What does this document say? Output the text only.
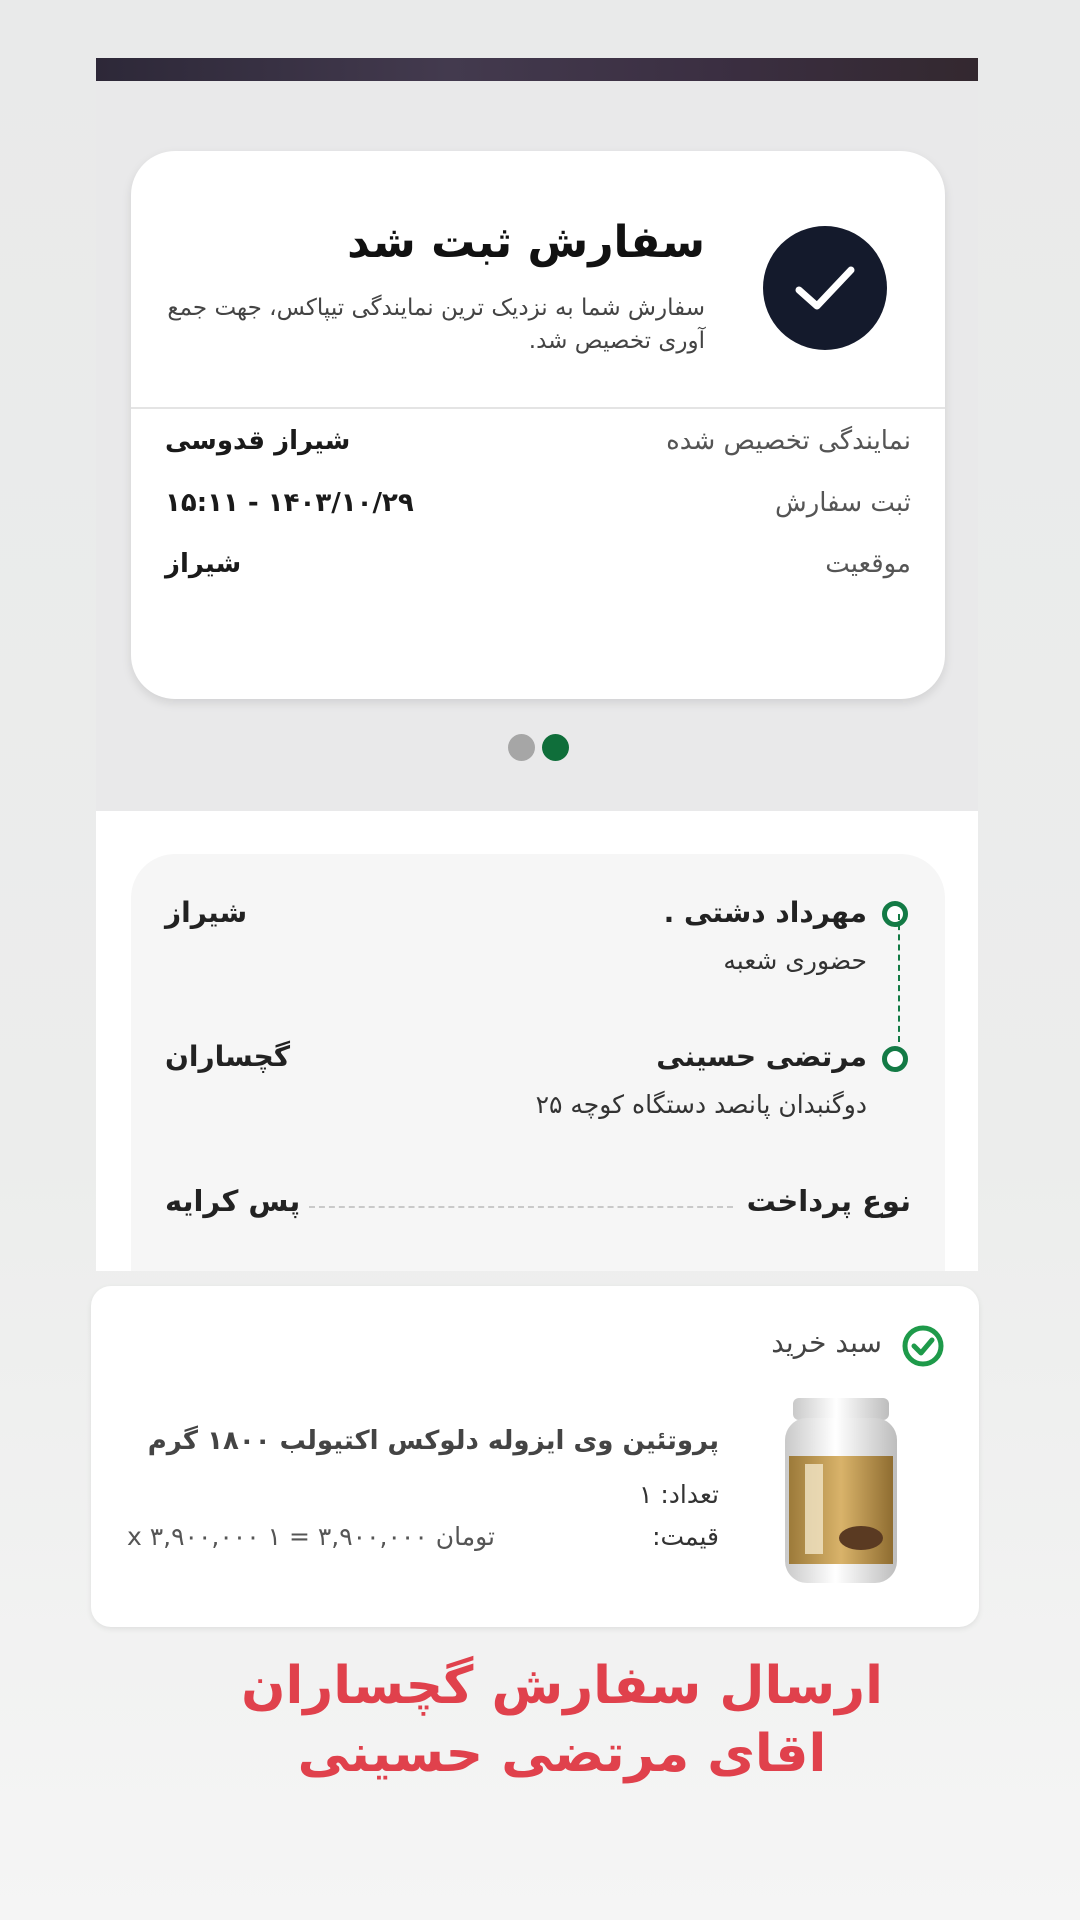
سفارش ثبت شد
سفارش شما به نزدیک ترین نمایندگی تیپاکس، جهت جمع آوری تخصیص شد.
نمایندگی تخصیص شده
شیراز قدوسی
ثبت سفارش
۱۴۰۳/۱۰/۲۹ - ۱۵:۱۱
موقعیت
شیراز
مهرداد دشتی .
حضوری شعبه
شیراز
مرتضی حسینی
دوگنبدان پانصد دستگاه کوچه ۲۵
گچساران
نوع پرداخت
پس کرایه
سبد خرید
پروتئین وی ایزوله دلوکس اکتیولب ۱۸۰۰ گرم
تعداد: ۱
قیمت:
تومان ۳,۹۰۰,۰۰۰ = ۱ x ۳,۹۰۰,۰۰۰
ارسال سفارش گچساران
اقای مرتضی حسینی
